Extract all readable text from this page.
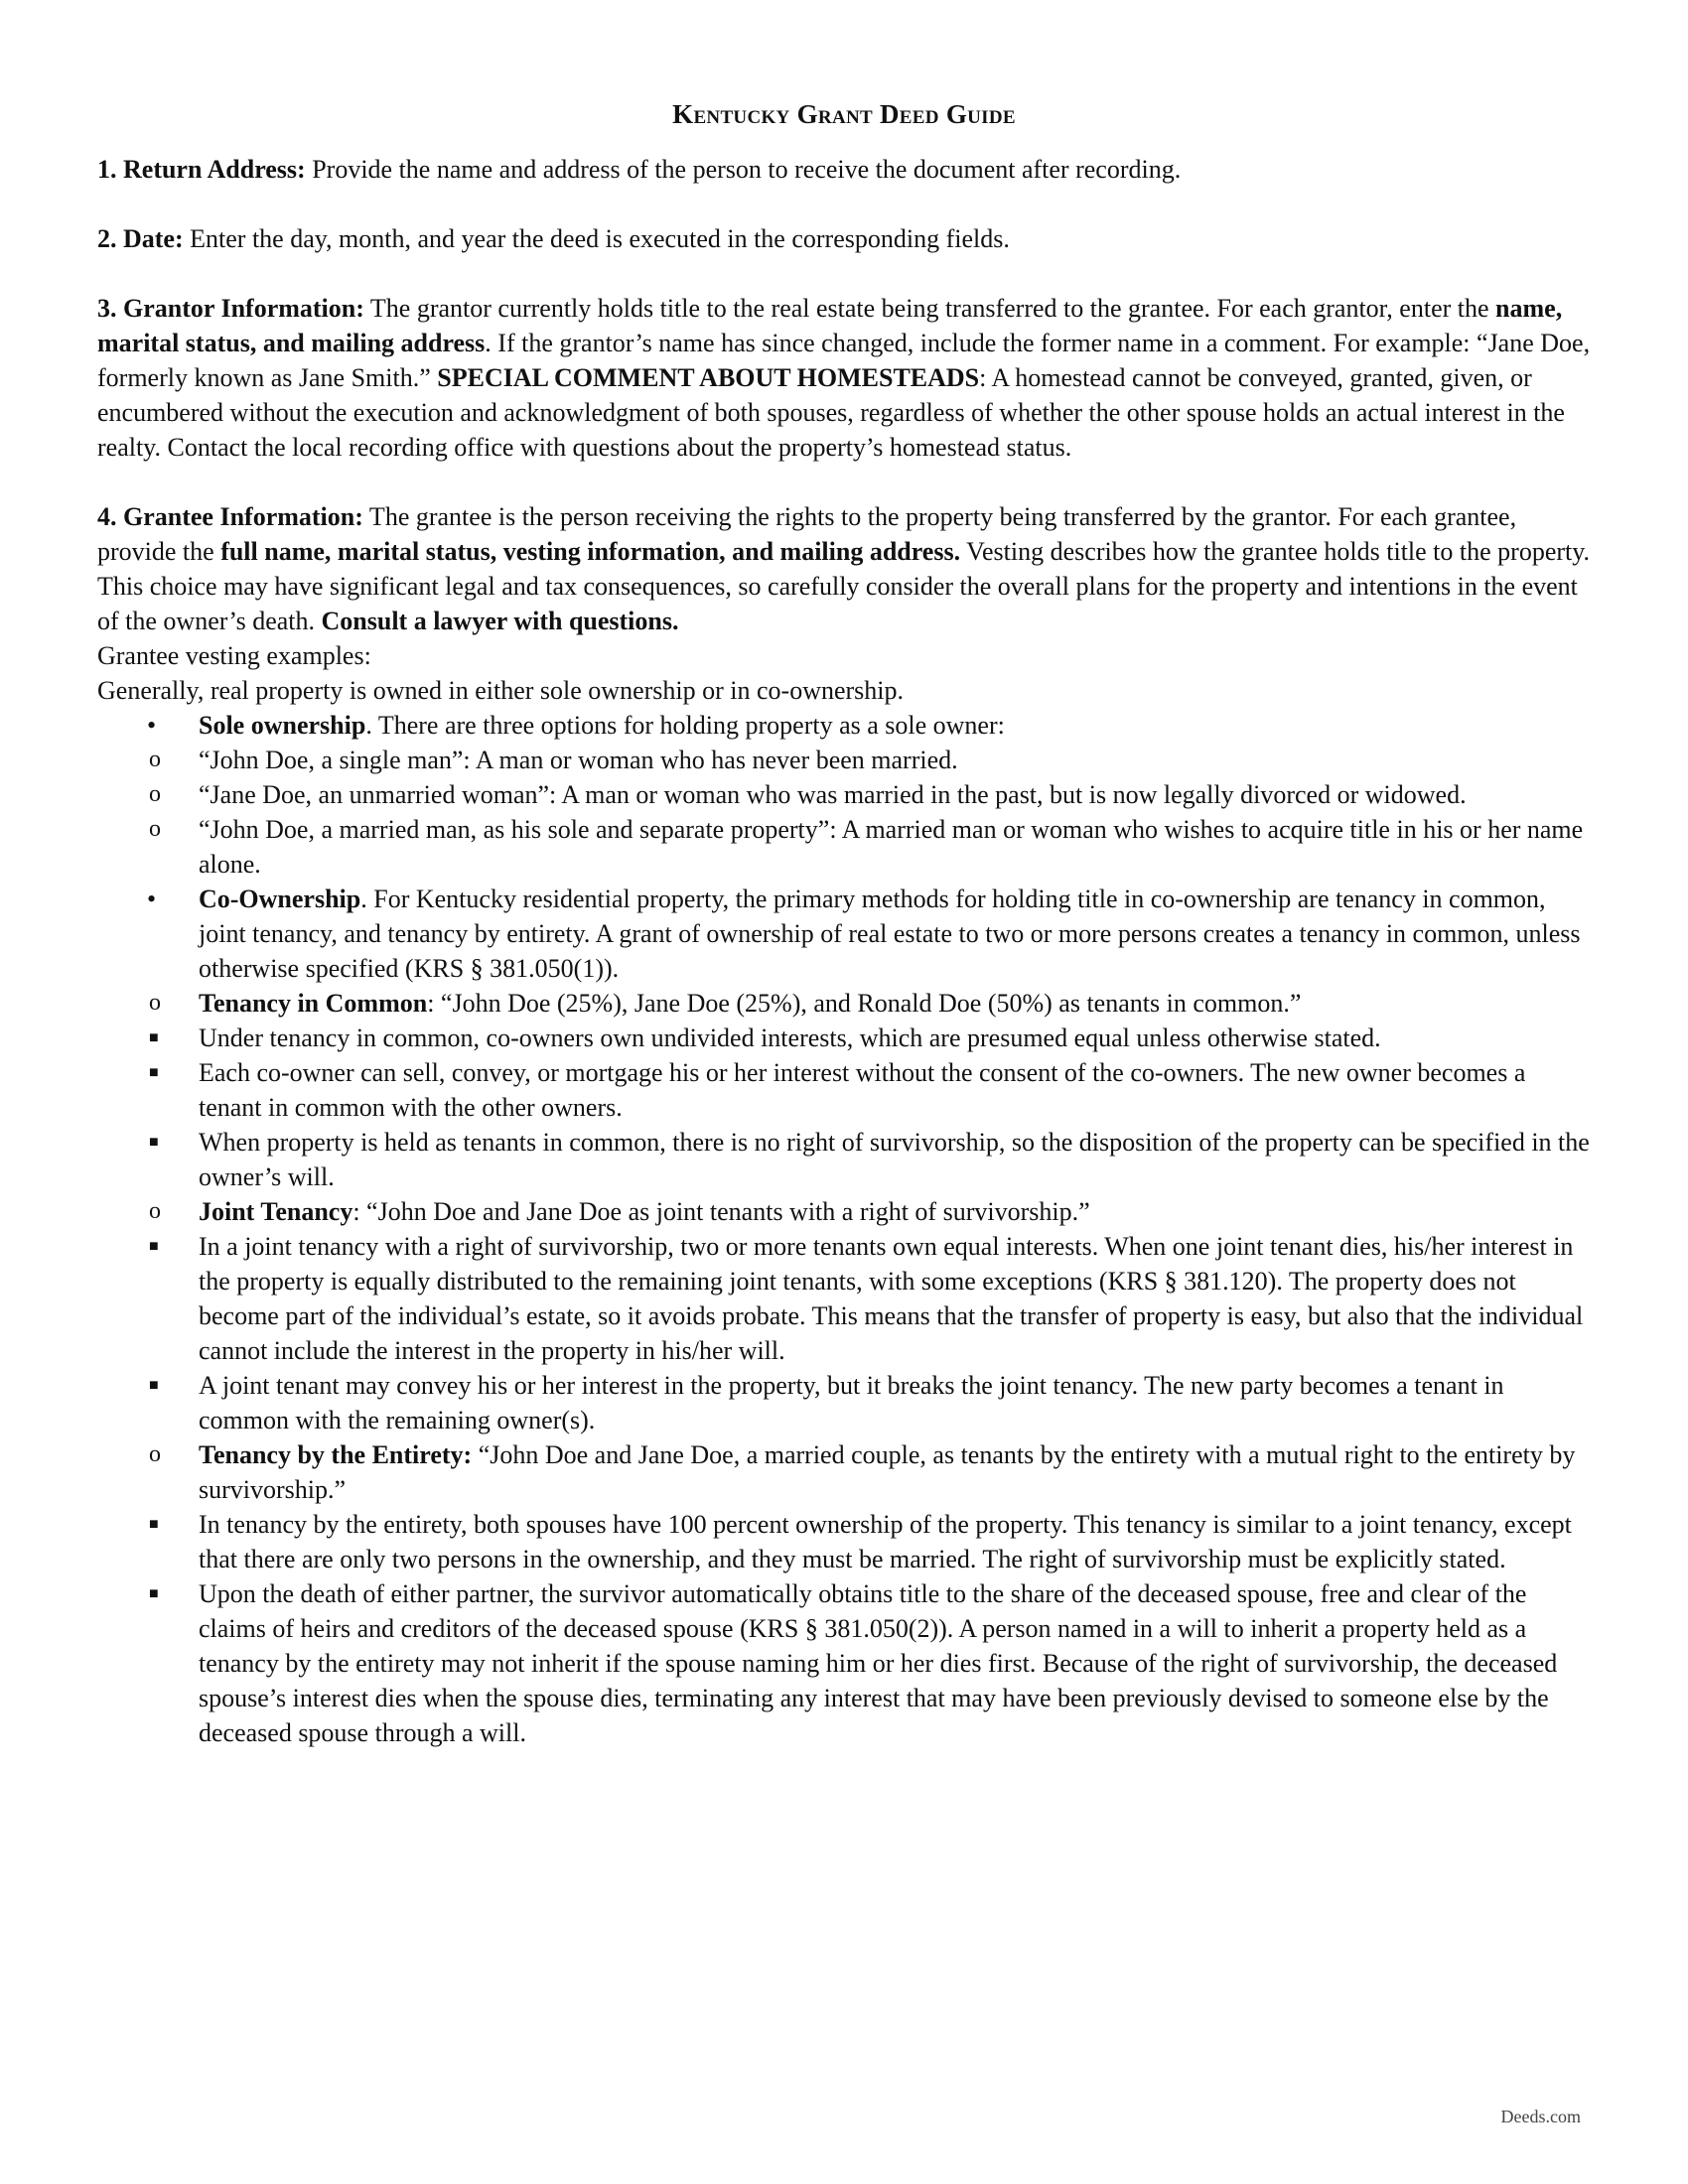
Kentucky Grant Deed Guide

1. Return Address: Provide the name and address of the person to receive the document after recording.

2. Date: Enter the day, month, and year the deed is executed in the corresponding fields.

3. Grantor Information: The grantor currently holds title to the real estate being transferred to the grantee. For each grantor, enter the name, marital status, and mailing address. If the grantor’s name has since changed, include the former name in a comment. For example: “Jane Doe, formerly known as Jane Smith.” SPECIAL COMMENT ABOUT HOMESTEADS: A homestead cannot be conveyed, granted, given, or encumbered without the execution and acknowledgment of both spouses, regardless of whether the other spouse holds an actual interest in the realty. Contact the local recording office with questions about the property’s homestead status.

4. Grantee Information: The grantee is the person receiving the rights to the property being transferred by the grantor. For each grantee, provide the full name, marital status, vesting information, and mailing address. Vesting describes how the grantee holds title to the property. This choice may have significant legal and tax consequences, so carefully consider the overall plans for the property and intentions in the event of the owner’s death. Consult a lawyer with questions.

Grantee vesting examples:

Generally, real property is owned in either sole ownership or in co-ownership.

• Sole ownership. There are three options for holding property as a sole owner:
o “John Doe, a single man”: A man or woman who has never been married.
o “Jane Doe, an unmarried woman”: A man or woman who was married in the past, but is now legally divorced or widowed.
o “John Doe, a married man, as his sole and separate property”: A married man or woman who wishes to acquire title in his or her name alone.
• Co-Ownership. For Kentucky residential property, the primary methods for holding title in co-ownership are tenancy in common, joint tenancy, and tenancy by entirety. A grant of ownership of real estate to two or more persons creates a tenancy in common, unless otherwise specified (KRS § 381.050(1)).
o Tenancy in Common: “John Doe (25%), Jane Doe (25%), and Ronald Doe (50%) as tenants in common.”
■ Under tenancy in common, co-owners own undivided interests, which are presumed equal unless otherwise stated.
■ Each co-owner can sell, convey, or mortgage his or her interest without the consent of the co-owners. The new owner becomes a tenant in common with the other owners.
■ When property is held as tenants in common, there is no right of survivorship, so the disposition of the property can be specified in the owner’s will.
o Joint Tenancy: “John Doe and Jane Doe as joint tenants with a right of survivorship.”
■ In a joint tenancy with a right of survivorship, two or more tenants own equal interests. When one joint tenant dies, his/her interest in the property is equally distributed to the remaining joint tenants, with some exceptions (KRS § 381.120). The property does not become part of the individual’s estate, so it avoids probate. This means that the transfer of property is easy, but also that the individual cannot include the interest in the property in his/her will.
■ A joint tenant may convey his or her interest in the property, but it breaks the joint tenancy. The new party becomes a tenant in common with the remaining owner(s).
o Tenancy by the Entirety: “John Doe and Jane Doe, a married couple, as tenants by the entirety with a mutual right to the entirety by survivorship.”
■ In tenancy by the entirety, both spouses have 100 percent ownership of the property. This tenancy is similar to a joint tenancy, except that there are only two persons in the ownership, and they must be married. The right of survivorship must be explicitly stated.
■ Upon the death of either partner, the survivor automatically obtains title to the share of the deceased spouse, free and clear of the claims of heirs and creditors of the deceased spouse (KRS § 381.050(2)). A person named in a will to inherit a property held as a tenancy by the entirety may not inherit if the spouse naming him or her dies first. Because of the right of survivorship, the deceased spouse’s interest dies when the spouse dies, terminating any interest that may have been previously devised to someone else by the deceased spouse through a will.
Deeds.com
